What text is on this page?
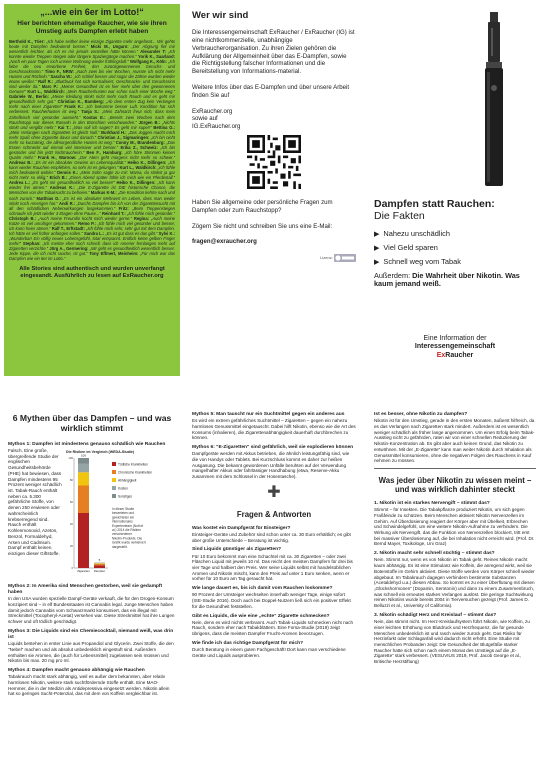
„...wie ein 6er im Lotto!“
Hier berichten ehemalige Raucher, wie sie ihren Umstieg aufs Dampfen erlebt haben
Berthold K., Trier: „Ich habe seither keine einzige Zigarette mehr angefasst... Wir gehts heute mit Dampfen bedeutend besser.“ Micki M., Ungarn: „Der Abgrung fiel mir wesentlich leichter, als ich es mir jemals vorstellen hätte können.“ Alexander T: „Ich konnte wieder Treppen steigen oder längere Spaziergänge machen.“ Yorik K., Saarland: „Nach ein paar Tagen roch unsere Wohnung wieder frühlingsluft.“ Wolfgang K., Köln: „Ich liebe die neu erworbene Freiheit, den zurückgewonnenen Geruchs- und Geschmackssinn.“ Timo F., NRW: „Nach zwei bis vier Wochen, musste ich nicht mehr Husten und Röcheln.“ Sascha W.: „Ich schlief besser und sogar die Zähne wurden wieder etwas weißer.“ Ralf R.: „Blutdruck hat sich normalisiert, Geschmacks- und Geruchssinn sind wieder da.“ Marc P.: „Meiner Gesundheit ist es hier mehr über den gewonnenen Genuss!“ Kurt L., Waldkirch: „Mein Raucherhusten war schon nach einer Woche weg.“ Gabriele W., Berlin: „Meine Kleidung stinkt nicht mehr nach Rauch und es geht mir gesundheitlich sehr gut.“ Christian K., Bamberg: „Ab dem ersten Zug kein Verlangen mehr nach einer Zigarette!“ Frank K.: „Ich bekomme besser Luft. Kondition hat sich verbessert. Raucherhusten ist weg.“ Tanja S.: „Mein Zahnarzt freut sich, dass mein Zahnfleisch viel gesünder aussieht.“ Kostas E.: „Bereits zwei Wochen nach dem Rauchstopp war dieses Rasseln in den Bronchien verschwunden.“ Jürgen B.: „Nichts stinkt und vergilbt mehr.“ Kai T.: „Was soll ich sagen? Es geht mir super!“ Bettina G.: „Mein Verlangen nach Zigaretten ist gleich Null.“ Burkhard H.: „Das Joggen macht mich mehr Spaß ohne Zigarette davor und danach.“ Christian J., Sigmaringen: „Ich bin nicht mehr so kurzatmig, die allmorgendliche Husten ist weg.“ Conny M., Brandenburg: „Das Essen schmeckt auf einmal viel intensiver und besser.“ Erika Z., Schweiz: „Ich bin gesünder und bin jetzt Nichtraucherin.“ Ben F., Hamburg: „Ich höre Stimmen keinen Qualm mehr.“ Frank H., Warnow: „Der Atem geht morgens nicht mehr so schwer.“ Andreas B.: „Es ist ein absoluter Gewinn an Lebensqualität.“ Heiko K., Dillingen: „Ich kann wieder Rauchen empfehlen, so sehr ist es gelungen.“ Kurt L., Waldkirch: „Ich fühle mich bedeutend wohler.“ Dennis K.: „Mein Sohn sagte zu mir: Mama, du stinkst ja gar nicht mehr so eklig.“ Erich B.: „Einen Abend später fühle ich mich wie ein Pferdestall.“ Andrea L.: „Es geht mir gesundheitlich so viel besser!“ Heiko K., Dillingen: „Ich kann wieder frei atmen.“ Andreas K.: „Die E-Zigarette ist DIE historische Chance, die Menschen von der Tabaksucht zu befreien.“ Markus K-M.: „Die Kondition kehrte nach und nach zurück.“ Matthias D.: „Es ist ein absoluter Mehrwert im Leben, dass man weder stinkt noch Amerigen hat.“ Andi R.: „Durchs Dampfen bin ich von der Zigarettensucht mit all den schädlichen Nebenwirkungen losgekommen.“ Fritz: „Beim Treppensteigen schnaufe ich jetzt wieder 3 Etagen ohne Pause...“ Reinhard T.: „Ich fühle mich gesünder.“ Christoph B.: „Auch meine Freundin kocht mich wieder gerne.“ Regina: „Auch meine Katze ist viel unruhiger gekommen.“ Remo P.: „Ich fühle mich viel gesünder und besser, ich kann freier atmen.“ Ralf T., Erftstadt: „Ich fühle mich sehr, sehr gut mit dem Dampfen. Ich hätte es viel früher anfangen sollen.“ Sandra L.: „Es ist gut dass es das gibt.“ Sylvi K.: „Wunderbar! Ein völlig neues Lebensgefühl, total entspannt. Endlich keine gelben Finger mehr!“ Stephan: „Ich merkte eher noch schnell, dass ich Amerier fernlangen mehr auf Zigaretten verzichte.“ Jörg A., Germering: „Mir geht es gesundheitlich wesentlich besser. Jede Kippe, die ich nicht rauche, ist gut.“ Tony Effmert, Meinheim: „Für mich war das Dampfen wie ein 6er im Lotto.“
Alle Stories sind authentisch und wurden unverfangt eingesandt. Ausführlich zu lesen auf ExRaucher.org
Wer wir sind

Die Interessengemeinschaft ExRaucher / ExRaucher (IG) ist eine nichtkommerzielle, unabhängige Verbraucherorganisation. Zu ihren Zielen gehören die Aufklärung der Allgemeinheit über das E-Dampfen, sowie die Richtigstellung falscher Informationen und die Bereitstellung von Informations-material.

Weitere Infos über das E-Dampfen und über unsere Arbeit finden Sie auf

ExRaucher.org
sowie auf
IG.ExRaucher.org

Haben Sie allgemeine oder persönliche Fragen zum Dampfen oder zum Rauchstopp?

Zögern Sie nicht und schreiben Sie uns eine E-Mail:

fragen@exraucher.org

Lizenz:
Dampfen statt Rauchen:
Die Fakten
▶ Nahezu unschädlich
▶ Viel Geld sparen
▶ Schnell weg vom Tabak
Außerdem: Die Wahrheit über Nikotin. Was kaum jemand weiß.
Eine Information der
Interessengemeinschaft
ExRaucher
6 Mythen über das Dampfen – und was wirklich stimmt
Mythos 1: Dampfen ist mindestens genauso schädlich wie Rauchen

Falsch. Eine große, übergreifende Studie der englischen Gesundheitsbehörde (PHE) hat bewiesen, dass Dampfen mindestens 95 Prozent weniger schädlich ist. Tabak-Rauch enthält neben ca. 5.300 gefährliche Stoffe, von denen 250 erwiesen oder wahrscheinlich krebserregend sind. Rauch enthält Kohlenmonoxid, Azeton, Benzol, Formaldehyd, Arsen und Cadmium. Dampf enthält keinen einzigen dieser Giftstoffe.

Die Risiken im Vergleich (WEDA-Studie)
0
20
40
60
80
100
100
Zigaretten
5
Dampfen
Tödliche Krankheiten
Chronische Krankheiten
Abhängigkeit
Kosten
Sonstiges
In dieser Studie
bewerteten und
gewichteten ein
internationales
Expertenteam (Nutt et
al.) 2014 die Risiken
verschiedener
Nikotin-Produkte. Die
Grafik wurde verkleinert
dargestellt.
Mythos 2: In Amerika sind Menschen gestorben, weil sie gedampft haben

In den USA wurden spezielle Dampf-Geräte verkauft, die für den Drogen-Konsum konzipiert sind – in elf Bundesstaaten ist Cannabis legal. Junge Menschen haben damit jedoch Cannabis vom Schwarzmarkt konsumiert, das ein illegal mit Streckmittel (Tocopheryl-Acetat) versehen war. Diese Streckmittel hat ihre Lungen schwer und oft tödlich geschädigt.

Mythos 3: Die Liquids sind ein Chemiecocktail, niemand weiß, was drin ist

Liquids bestehen in erster Linie aus Propandiol und Glycerin. Zwei Stoffe, die den "Nebel" machen und als absolut unbedenklich eingestuft sind. Außerdem enthalten sie Aromen, die (auch für Lebensmittel) zugelassen sein müssen und Nikotin bis max. 20 mg pro ml.

Mythos 4: Dampfen macht genauso abhängig wie Rauchen

Tabakrauch macht stark abhängig, weil es außer dem bekannten, aber relativ harmlosen Nikotin, weitere stark suchtfördernde Stoffe enthält. Eine MAO-Hemmer, die in der Medizin als Antidepressiva eingesetzt werden. Nikotin allein hat so geringes Sucht-Potenzial, das mit dem von Koffein vergleichbar ist.

Mythos 5: Man tauscht nur ein Suchtmittel gegen ein anderes aus

Es wird ein extrem gefährliches Suchtmittel – Zigaretten – gegen ein nahezu harmloses Genussmittel eingetauscht. Dabei hilft Nikotin, ebenso wie die Art des Konsums (inhalieren), die Zigarettenabhängigkeit dauerhaft durchbrechen zu können.

Mythos 6: "E-Zigaretten" sind gefährlich, weil sie explodieren können

Dampfgeräte werden mit Akkus betrieben, die ähnlich leistungsfähig sind, wie die von Handys oder Tablets. Bei Kurzschluss kommt es daher zur heißen Ausgasung. Die bekannt gewordenen Unfälle beruhten auf der Verwendung mangelhafter Akkus oder fahrlässiger Handhabung (etwa, Reserve-Akku zusammen mit dem Schlüssel in der Hosentasche).

✚
Fragen & Antworten
Was kostet ein Dampfgerät für Einsteiger?

Einsteiger-Geräte und Zubehör sind schon unter ca. 30 Euro erhältlich; es gibt aber große Unterschiede – Beratung ist wichtig.

Sind Liquids günstiger als Zigaretten?

Für 10 Euro bekommt man eine Schachtel mit ca. 30 Zigaretten – oder zwei Fläschen Liquid mit jeweils 10 ml. Das reicht den meisten Dampfern für drei bis vier Tage und halbiert den Preis. Wer seine Liquids selbst mit handelsüblichen Aromen und Nikotin mischt, kann den Preis auf unter 1 Euro senken, wenn er vorher für 10 Euro am Tag geraucht hat.

Wie lange dauert es, bis ich damit vom Rauchen loskomme?

90 Prozent der Umsteiger wechselten innerhalb weniger Tage, einige sofort (ISE-Studie 2016). Doch auch bei Doppel-Nutzern ließ sich ein positiver Effekt für die Gesundheit feststellen.

Gibt es Liquids, die wie eine „echte“ Zigarette schmecken?

Nein, denn es wird nichts verbrannt. Auch Tabak-Liquids schmecken nicht nach Rauch, sondern eher nach Tabakblättern. Eine Forsa-Studie (2019) zeigt übrigens, dass die meisten Dampfer Frucht-Aromen bevorzugen.

Wie finde ich das richtige Dampfgerät für mich?

Durch Beratung in einem guten Fachgeschäft! Dort kann man verschiedene Geräte und Liquids ausprobieren.

Ist es besser, ohne Nikotin zu dampfen?

Nikotin ist für den Umstieg, gerade in den ersten Monaten, äußerst hilfreich, da es das Verlangen nach Zigaretten stark mindert. Außerdem ist es wesentlich weniger schädlich als früher lange angenommen. Um einen Erfolg beim Tabak-Ausstieg nicht zu gefährden, raten wir von einer schnellen Reduzierung der Nikotin-Konzentration ab. Es gibt aber auch keinen Grund, das Nikotin zu entwöhnen. Mit der „E-Zigarette“ kann man weiter Nikotin durch Inhalation als Genussmittel konsumieren, ohne die negativen Folgen des Rauchens in Kauf nehmen zu müssen.

Was jeder über Nikotin zu wissen meint – und was wirklich dahinter steckt
1. Nikotin ist ein starkes Nervengift – stimmt das?

Stimmt – für Insekten. Die Tabakpflanze produziert Nikotin, um sich gegen Fraßfeinde zu schützen. Beim Menschen aktiviert Nikotin Nervenzellen im Gehirn. Auf Überdosierung reagiert der Körper aber mit Übelkeit, Erbrechen und Schwindelgefühl, um eine weitere Nikotin-Aufnahme zu verhindern. Die Wirkung als Nervengift, das die Funktion von Nervenzellen blockiert, tritt erst bei massiver Überdosierung auf, die bei Inhalation nicht erreicht wird. (Prof. Dr. Bernd Mayer, Toxikologe, Uni Graz)

2. Nikotin macht sehr schnell süchtig – stimmt das?

Nein. Stimmt nur, wenn es von Nikotin im Tabak geht. Reines Nikotin macht kaum abhängig. Es ist eine Stimulanz wie Koffein, die anregend wirkt, weil sie Botenstoffe im Gehirn aktiviert. Diese Stoffe werden vom Körper schnell wieder abgebaut. Im Tabakrauch dagegen verhindern bestimmte Substanzen (Acetaldehyd u.a.) diesen Abbau. So kommt es zu einer Überflutung mit diesen „Glückshormonen“ (Dopamin, Serotonin) und dann zu einem Zusammenbruch, was schnell ein erneutes starkes Verlangen auslöst. Die geringe Suchtwirkung reinen Nikotins wurde bereits 2004 in Tierversuchen gezeigt (Prof. James D. Belluzzi et al., University of California).

3. Nikotin schädigt Herz und Kreislauf – stimmt das?

Nein, das stimmt nicht. Im Herz-Kreislaufsystem führt Nikotin, wie Koffein, zu einer leichten Erhöhung von Blutdruck und Herzfrequenz, die für gesunde Menschen unbedenklich ist und rasch wieder zurück geht. Das Risiko für Herzinfarkt oder Schlaganfall wird dadurch nicht erhöht. Eine Studie mit menschlichen Probanden zeigt: Die Gesundheit der Blutgefäße starker Raucher hatte sich schon nach einem Monat des Umstiegs auf die „E-Zigarette“ stark verbessert. (VESUVIUS 2019, Prof. Jacob George et al., Britische Herzstiftung)
